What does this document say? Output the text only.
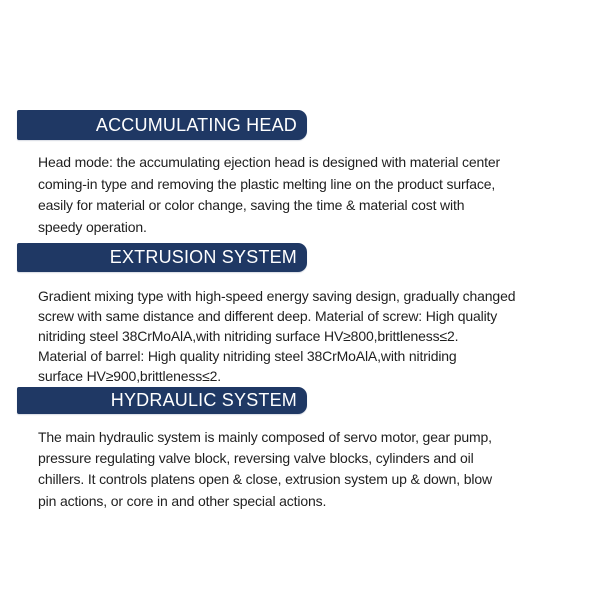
ACCUMULATING HEAD
Head mode: the accumulating ejection head is designed with material center
coming-in type and removing the plastic melting line on the product surface,
easily for material or color change, saving the time & material cost with
speedy operation.
EXTRUSION SYSTEM
Gradient mixing type with high-speed energy saving design, gradually changed
screw with same distance and different deep. Material of screw: High quality
nitriding steel 38CrMoAlA,with nitriding surface HV≥800,brittleness≤2.
Material of barrel: High quality nitriding steel 38CrMoAlA,with nitriding
surface HV≥900,brittleness≤2.
HYDRAULIC SYSTEM
The main hydraulic system is mainly composed of servo motor, gear pump,
pressure regulating valve block, reversing valve blocks, cylinders and oil
chillers. It controls platens open & close, extrusion system up & down, blow
pin actions, or core in and other special actions.
